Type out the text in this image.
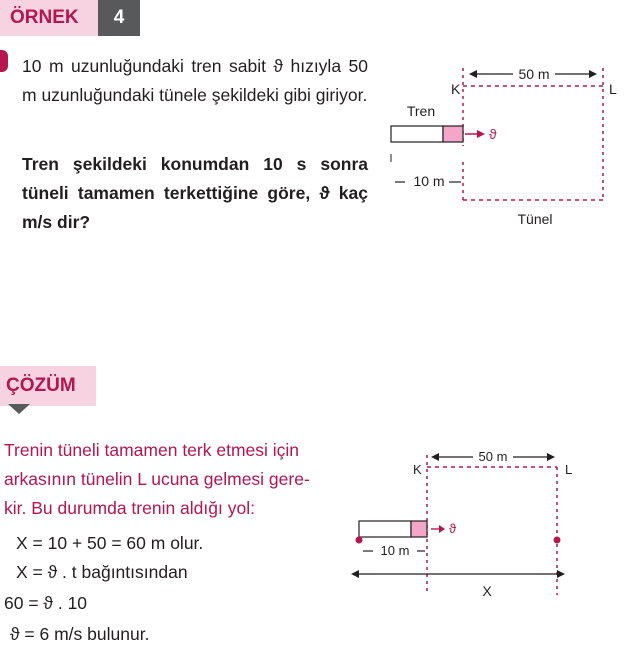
ÖRNEK	4
10 m uzunluğundaki tren sabit ϑ hızıyla 50 m uzunluğundaki tünele şekildeki gibi giriyor.
Tren şekildeki konumdan 10 s sonra tüneli tamamen terkettiğine göre, ϑ kaç m/s dir?
50 m
K	L
Tren
ϑ
10 m
Tünel
ÇÖZÜM
Trenin tüneli tamamen terk etmesi için
arkasının tünelin L ucuna gelmesi gere-
kir. Bu durumda trenin aldığı yol:
X = 10 + 50 = 60 m olur.
X = ϑ . t bağıntısından
60 = ϑ . 10
ϑ = 6 m/s bulunur.
50 m
K	L
ϑ
10 m
X
